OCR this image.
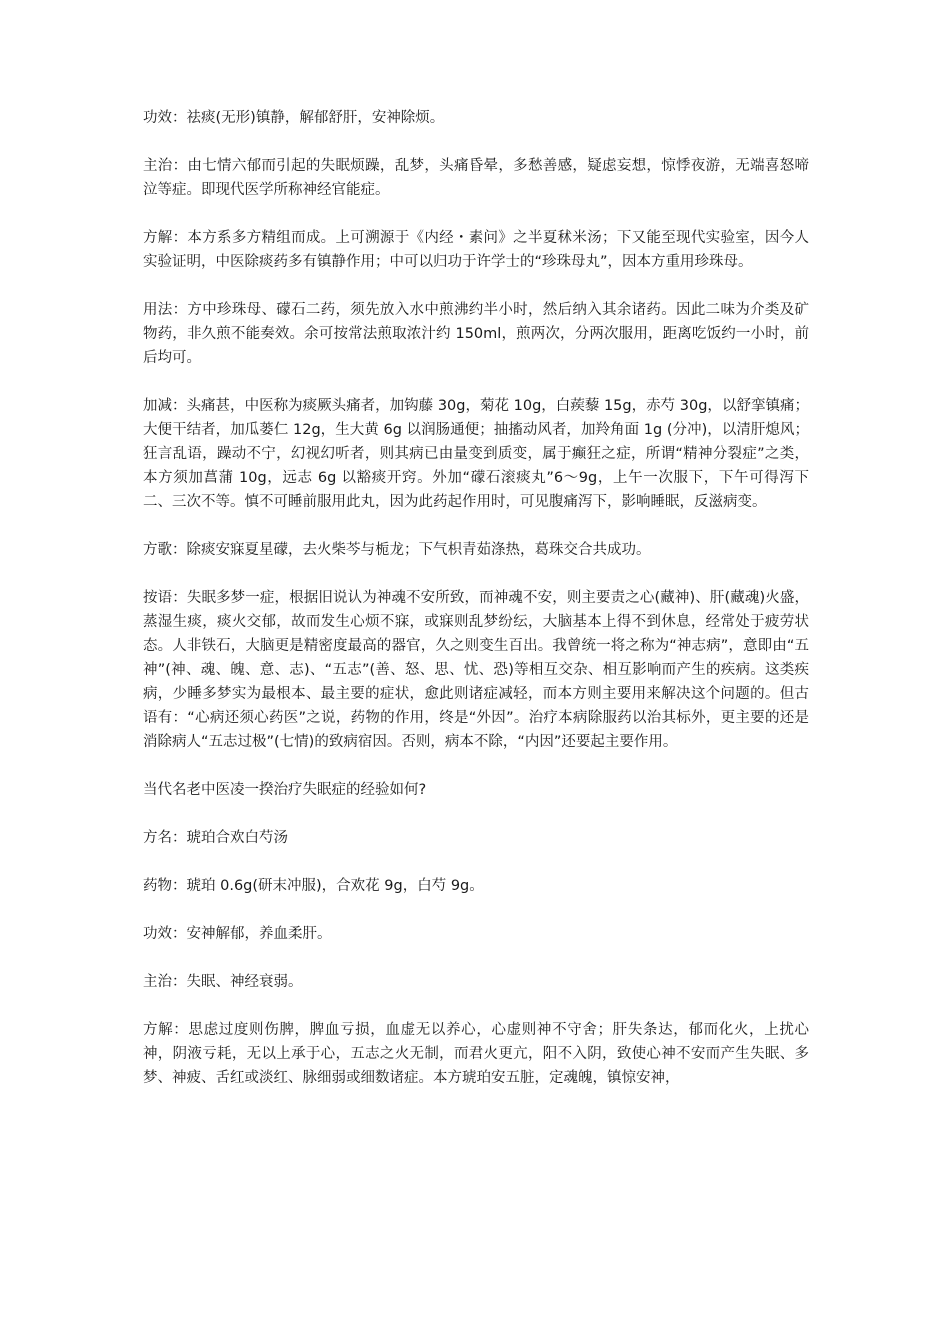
功效：祛痰(无形)镇静，解郁舒肝，安神除烦。

主治：由七情六郁而引起的失眠烦躁，乱梦，头痛昏晕，多愁善感，疑虑妄想，惊悸夜游，无端喜怒啼泣等症。即现代医学所称神经官能症。

方解：本方系多方精组而成。上可溯源于《内经・素问》之半夏秫米汤；下又能至现代实验室，因今人实验证明，中医除痰药多有镇静作用；中可以归功于许学士的“珍珠母丸”，因本方重用珍珠母。

用法：方中珍珠母、礞石二药，须先放入水中煎沸约半小时，然后纳入其余诸药。因此二味为介类及矿物药，非久煎不能奏效。余可按常法煎取浓汁约 150ml，煎两次，分两次服用，距离吃饭约一小时，前后均可。

加减：头痛甚，中医称为痰厥头痛者，加钩藤 30g，菊花 10g，白蒺藜 15g，赤芍 30g，以舒挛镇痛；大便干结者，加瓜蒌仁 12g，生大黄 6g 以润肠通便；抽搐动风者，加羚角面 1g (分冲)，以清肝熄风；狂言乱语，躁动不宁，幻视幻听者，则其病已由量变到质变，属于癫狂之症，所谓“精神分裂症”之类，本方须加菖蒲 10g，远志 6g 以豁痰开窍。外加“礞石滚痰丸”6～9g，上午一次服下，下午可得泻下二、三次不等。慎不可睡前服用此丸，因为此药起作用时，可见腹痛泻下，影响睡眠，反滋病变。

方歌：除痰安寐夏星礞，去火柴芩与栀龙；下气枳青茹涤热，葛珠交合共成功。

按语：失眠多梦一症，根据旧说认为神魂不安所致，而神魂不安，则主要责之心(藏神)、肝(藏魂)火盛，蒸湿生痰，痰火交郁，故而发生心烦不寐，或寐则乱梦纷纭，大脑基本上得不到休息，经常处于疲劳状态。人非铁石，大脑更是精密度最高的器官，久之则变生百出。我曾统一将之称为“神志病”，意即由“五神”(神、魂、魄、意、志)、“五志”(善、怒、思、忧、恐)等相互交杂、相互影响而产生的疾病。这类疾病，少睡多梦实为最根本、最主要的症状，愈此则诸症减轻，而本方则主要用来解决这个问题的。但古语有：“心病还须心药医”之说，药物的作用，终是“外因”。治疗本病除服药以治其标外，更主要的还是消除病人“五志过极”(七情)的致病宿因。否则，病本不除，“内因”还要起主要作用。

当代名老中医凌一揆治疗失眠症的经验如何?

方名：琥珀合欢白芍汤

药物：琥珀 0.6g(研末冲服)，合欢花 9g，白芍 9g。

功效：安神解郁，养血柔肝。

主治：失眠、神经衰弱。

方解：思虑过度则伤脾，脾血亏损，血虚无以养心，心虚则神不守舍；肝失条达，郁而化火，上扰心神，阴液亏耗，无以上承于心，五志之火无制，而君火更亢，阳不入阴，致使心神不安而产生失眠、多梦、神疲、舌红或淡红、脉细弱或细数诸症。本方琥珀安五脏，定魂魄，镇惊安神，
